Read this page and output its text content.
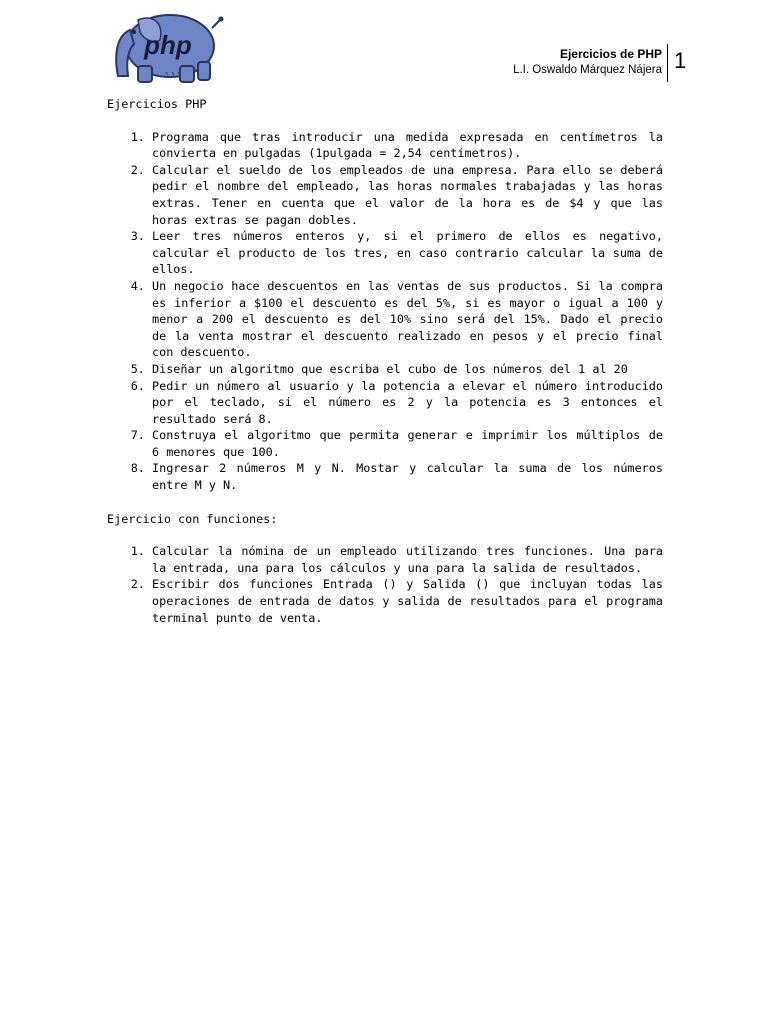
php	Ejercicios de PHP
L.I. Oswaldo Márquez Nájera 1
Ejercicios PHP
1. Programa que tras introducir una medida expresada en centímetros la convierta en pulgadas (1pulgada = 2,54 centímetros).
2. Calcular el sueldo de los empleados de una empresa. Para ello se deberá pedir el nombre del empleado, las horas normales trabajadas y las horas extras. Tener en cuenta que el valor de la hora es de $4 y que las horas extras se pagan dobles.
3. Leer tres números enteros y, si el primero de ellos es negativo, calcular el producto de los tres, en caso contrario calcular la suma de ellos.
4. Un negocio hace descuentos en las ventas de sus productos. Si la compra es inferior a $100 el descuento es del 5%, si es mayor o igual a 100 y menor a 200 el descuento es del 10% sino será del 15%. Dado el precio de la venta mostrar el descuento realizado en pesos y el precio final con descuento.
5. Diseñar un algoritmo que escriba el cubo de los números del 1 al 20
6. Pedir un número al usuario y la potencia a elevar el número introducido por el teclado, si el número es 2 y la potencia es 3 entonces el resultado será 8.
7. Construya el algoritmo que permita generar e imprimir los múltiplos de 6 menores que 100.
8. Ingresar 2 números M y N. Mostar y calcular la suma de los números entre M y N.
Ejercicio con funciones:
1. Calcular la nómina de un empleado utilizando tres funciones. Una para la entrada, una para los cálculos y una para la salida de resultados.
2. Escribir dos funciones Entrada () y Salida () que incluyan todas las operaciones de entrada de datos y salida de resultados para el programa terminal punto de venta.
